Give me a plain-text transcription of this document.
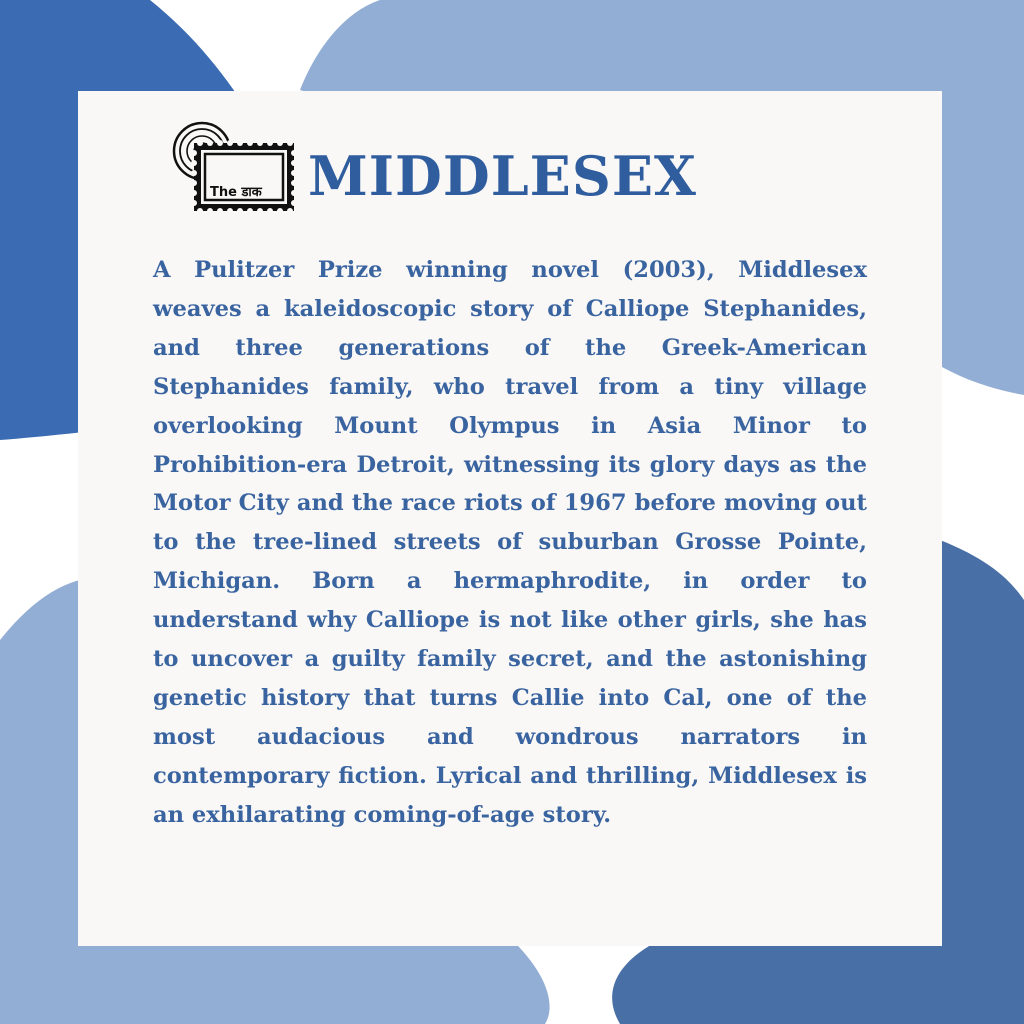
The डाक MIDDLESEX

A Pulitzer Prize winning novel (2003), Middlesex weaves a kaleidoscopic story of Calliope Stephanides, and three generations of the Greek-American Stephanides family, who travel from a tiny village overlooking Mount Olympus in Asia Minor to Prohibition-era Detroit, witnessing its glory days as the Motor City and the race riots of 1967 before moving out to the tree-lined streets of suburban Grosse Pointe, Michigan. Born a hermaphrodite, in order to understand why Calliope is not like other girls, she has to uncover a guilty family secret, and the astonishing genetic history that turns Callie into Cal, one of the most audacious and wondrous narrators in contemporary fiction. Lyrical and thrilling, Middlesex is an exhilarating coming-of-age story.
